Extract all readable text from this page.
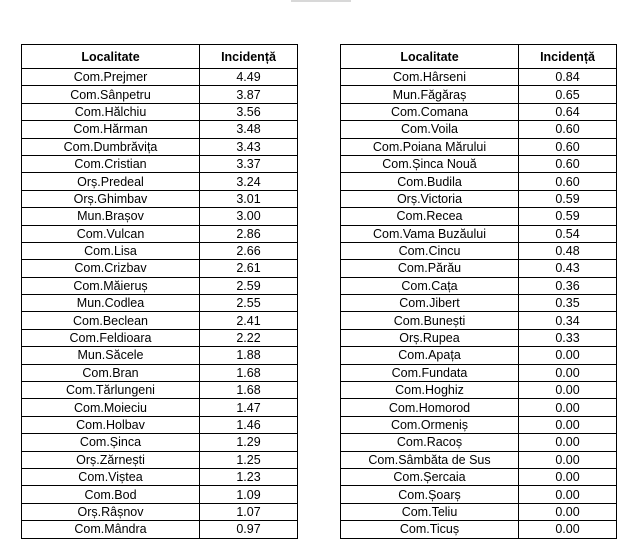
Localitate	Incidență
Com.Prejmer	4.49
Com.Sânpetru	3.87
Com.Hălchiu	3.56
Com.Hărman	3.48
Com.Dumbrăvița	3.43
Com.Cristian	3.37
Orș.Predeal	3.24
Orș.Ghimbav	3.01
Mun.Brașov	3.00
Com.Vulcan	2.86
Com.Lisa	2.66
Com.Crizbav	2.61
Com.Măieruș	2.59
Mun.Codlea	2.55
Com.Beclean	2.41
Com.Feldioara	2.22
Mun.Săcele	1.88
Com.Bran	1.68
Com.Tărlungeni	1.68
Com.Moieciu	1.47
Com.Holbav	1.46
Com.Șinca	1.29
Orș.Zărnești	1.25
Com.Viștea	1.23
Com.Bod	1.09
Orș.Râșnov	1.07
Com.Mândra	0.97
Localitate	Incidență
Com.Hârseni	0.84
Mun.Făgăraș	0.65
Com.Comana	0.64
Com.Voila	0.60
Com.Poiana Mărului	0.60
Com.Șinca Nouă	0.60
Com.Budila	0.60
Orș.Victoria	0.59
Com.Recea	0.59
Com.Vama Buzăului	0.54
Com.Cincu	0.48
Com.Părău	0.43
Com.Cața	0.36
Com.Jibert	0.35
Com.Bunești	0.34
Orș.Rupea	0.33
Com.Apața	0.00
Com.Fundata	0.00
Com.Hoghiz	0.00
Com.Homorod	0.00
Com.Ormeniș	0.00
Com.Racoș	0.00
Com.Sâmbăta de Sus	0.00
Com.Șercaia	0.00
Com.Șoarș	0.00
Com.Teliu	0.00
Com.Ticuș	0.00
